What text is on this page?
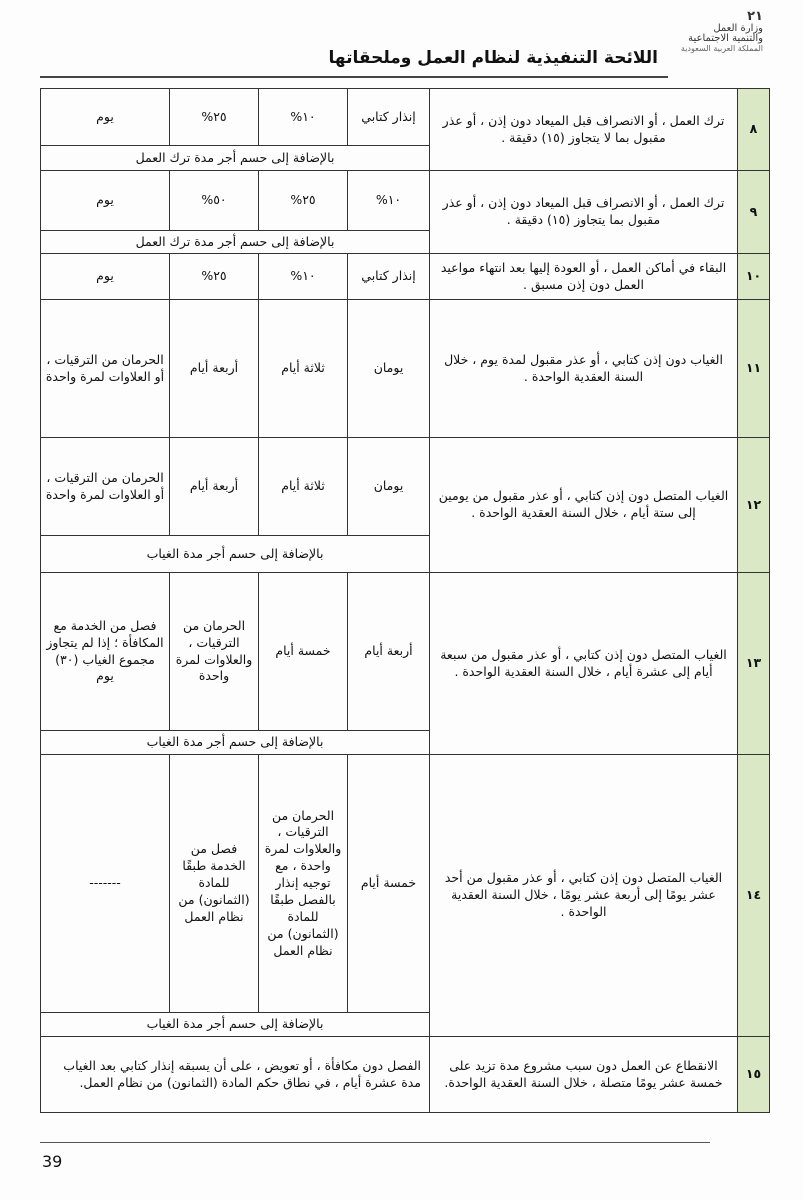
٢١
وزارة العمل
والتنمية الاجتماعية
المملكة العربية السعودية
اللائحة التنفيذية لنظام العمل وملحقاتها
٨	ترك العمل ، أو الانصراف قبل الميعاد دون إذن ، أو عذر مقبول بما لا يتجاوز (١٥) دقيقة .	إنذار كتابي	١٠%	٢٥%	يوم
		بالإضافة إلى حسم أجر مدة ترك العمل			
٩	ترك العمل ، أو الانصراف قبل الميعاد دون إذن ، أو عذر مقبول بما يتجاوز (١٥) دقيقة .	١٠%	٢٥%	٥٠%	يوم
		بالإضافة إلى حسم أجر مدة ترك العمل			
١٠	البقاء في أماكن العمل ، أو العودة إليها بعد انتهاء مواعيد العمل دون إذن مسبق .	إنذار كتابي	١٠%	٢٥%	يوم
١١	الغياب دون إذن كتابي ، أو عذر مقبول لمدة يوم ، خلال السنة العقدية الواحدة .	يومان	ثلاثة أيام	أربعة أيام	الحرمان من الترقيات ، أو العلاوات لمرة واحدة
١٢	الغياب المتصل دون إذن كتابي ، أو عذر مقبول من يومين إلى ستة أيام ، خلال السنة العقدية الواحدة .	يومان	ثلاثة أيام	أربعة أيام	الحرمان من الترقيات ، أو العلاوات لمرة واحدة
		بالإضافة إلى حسم أجر مدة الغياب			
١٣	الغياب المتصل دون إذن كتابي ، أو عذر مقبول من سبعة أيام إلى عشرة أيام ، خلال السنة العقدية الواحدة .	أربعة أيام	خمسة أيام	الحرمان من الترقيات ، والعلاوات لمرة واحدة	فصل من الخدمة مع المكافأة ؛ إذا لم يتجاوز مجموع الغياب (٣٠) يوم
		بالإضافة إلى حسم أجر مدة الغياب			
١٤	الغياب المتصل دون إذن كتابي ، أو عذر مقبول من أحد عشر يومًا إلى أربعة عشر يومًا ، خلال السنة العقدية الواحدة .	خمسة أيام	الحرمان من الترقيات ، والعلاوات لمرة واحدة ، مع توجيه إنذار بالفصل طبقًا للمادة (الثمانون) من نظام العمل	فصل من الخدمة طبقًا للمادة (الثمانون) من نظام العمل	-------
		بالإضافة إلى حسم أجر مدة الغياب			
١٥	الانقطاع عن العمل دون سبب مشروع مدة تزيد على خمسة عشر يومًا متصلة ، خلال السنة العقدية الواحدة.	الفصل دون مكافأة ، أو تعويض ، على أن يسبقه إنذار كتابي بعد الغياب مدة عشرة أيام ، في نطاق حكم المادة (الثمانون) من نظام العمل.			
39
